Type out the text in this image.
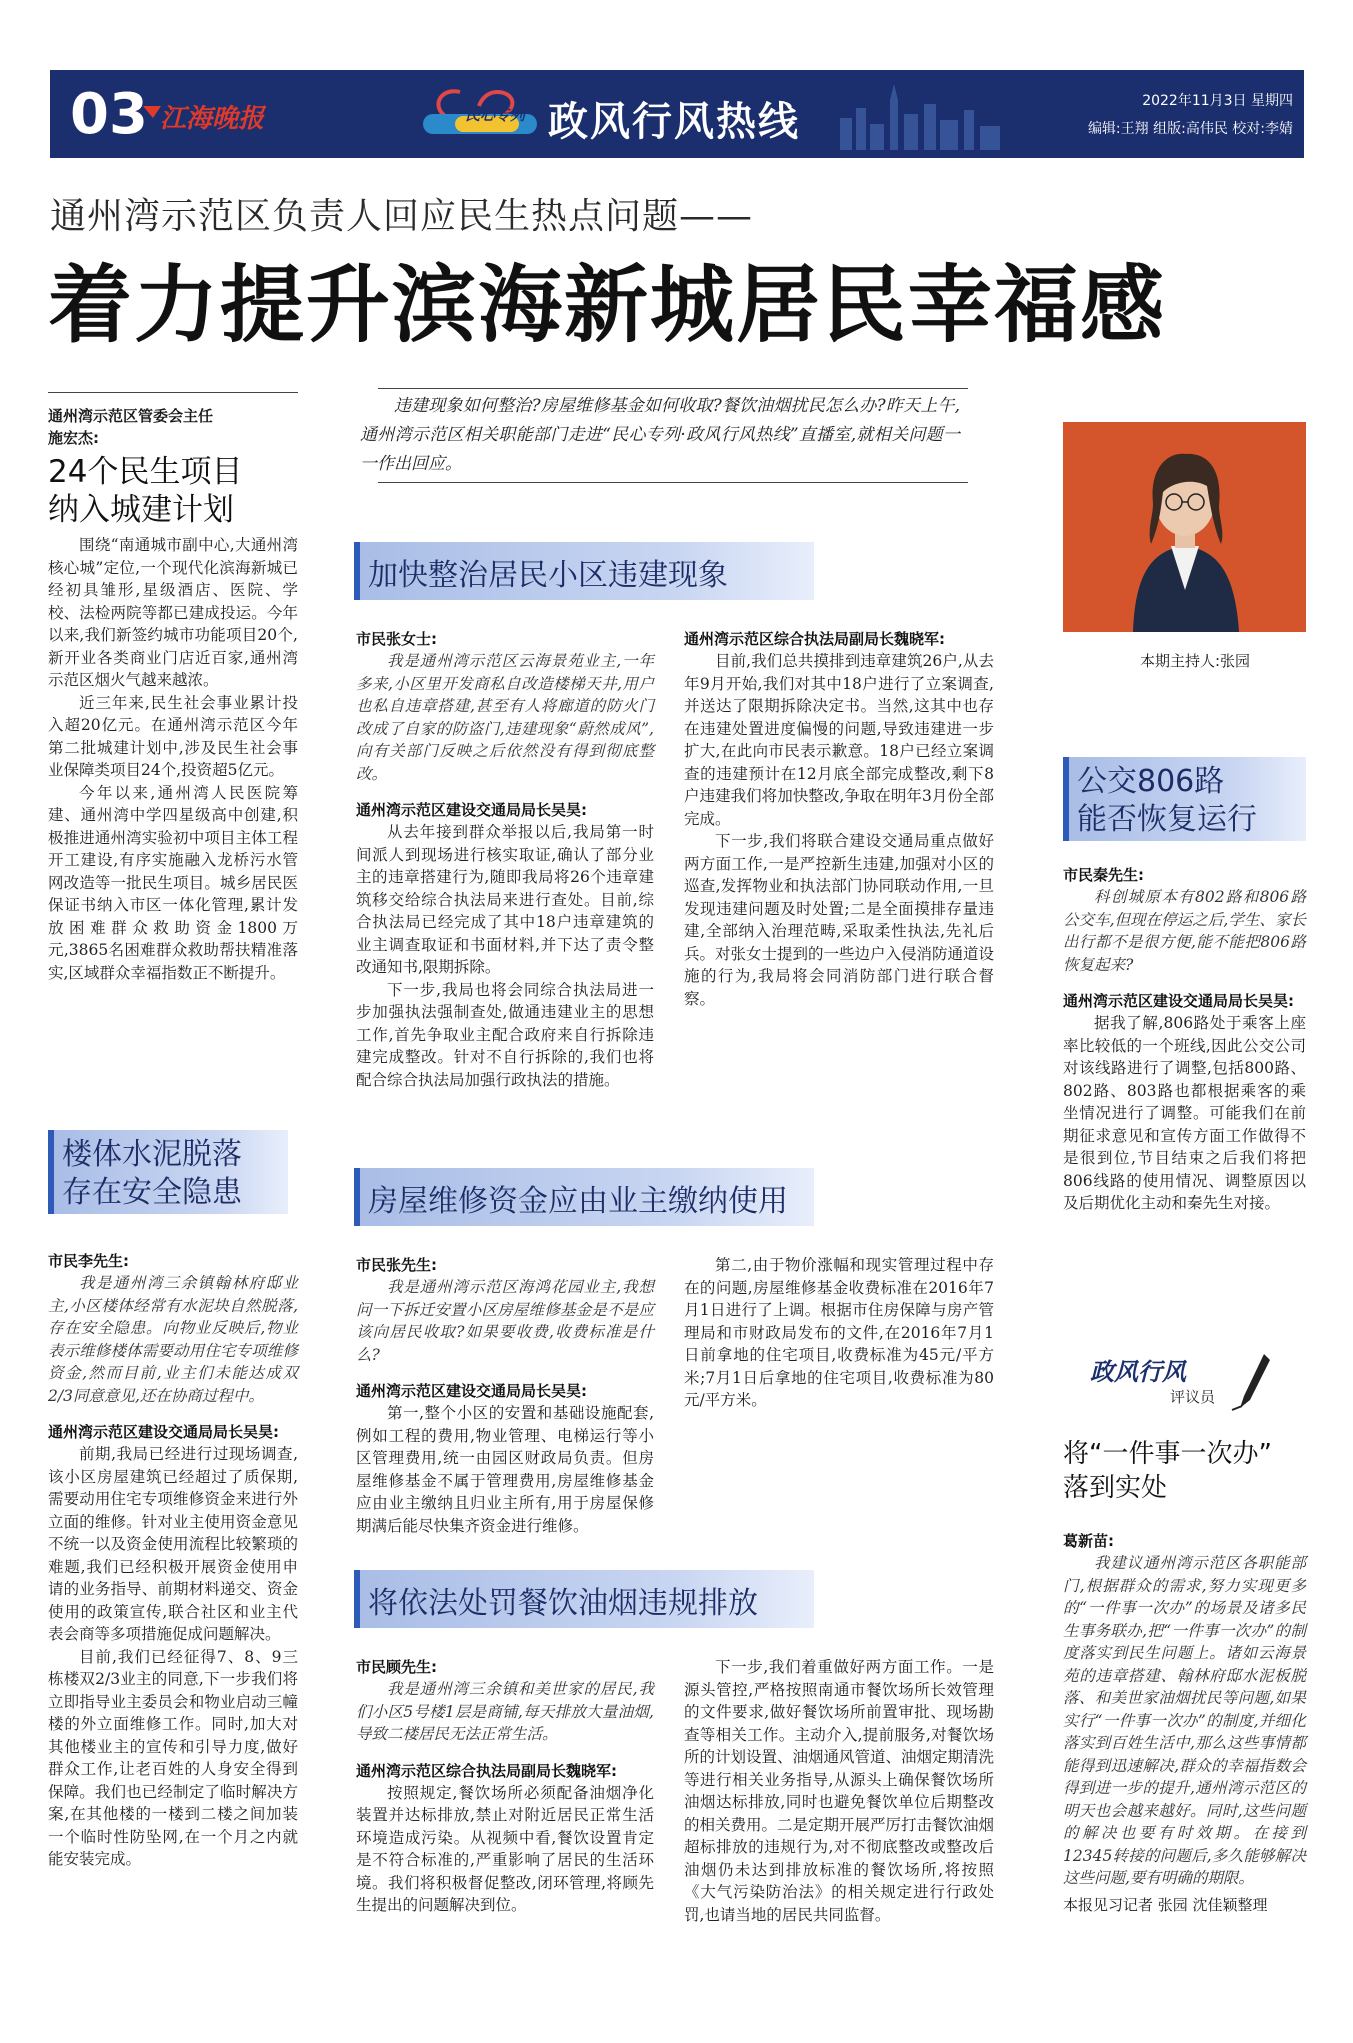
03 江海晚报	民心专列 政风行风热线	2022年11月3日 星期四
编辑:王翔 组版:高伟民 校对:李婧
通州湾示范区负责人回应民生热点问题——
着力提升滨海新城居民幸福感
通州湾示范区管委会主任
施宏杰:
24个民生项目
纳入城建计划

围绕“南通城市副中心,大通州湾核心城”定位,一个现代化滨海新城已经初具雏形,星级酒店、医院、学校、法检两院等都已建成投运。今年以来,我们新签约城市功能项目20个,新开业各类商业门店近百家,通州湾示范区烟火气越来越浓。

近三年来,民生社会事业累计投入超20亿元。在通州湾示范区今年第二批城建计划中,涉及民生社会事业保障类项目24个,投资超5亿元。

今年以来,通州湾人民医院筹建、通州湾中学四星级高中创建,积极推进通州湾实验初中项目主体工程开工建设,有序实施融入龙桥污水管网改造等一批民生项目。城乡居民医保证书纳入市区一体化管理,累计发放困难群众救助资金1800万元,3865名困难群众救助帮扶精准落实,区域群众幸福指数正不断提升。

楼体水泥脱落
存在安全隐患
市民李先生:
我是通州湾三余镇翰林府邸业主,小区楼体经常有水泥块自然脱落,存在安全隐患。向物业反映后,物业表示维修楼体需要动用住宅专项维修资金,然而目前,业主们未能达成双2/3同意意见,还在协商过程中。
通州湾示范区建设交通局局长吴昊:

前期,我局已经进行过现场调查,该小区房屋建筑已经超过了质保期,需要动用住宅专项维修资金来进行外立面的维修。针对业主使用资金意见不统一以及资金使用流程比较繁琐的难题,我们已经积极开展资金使用申请的业务指导、前期材料递交、资金使用的政策宣传,联合社区和业主代表会商等多项措施促成问题解决。

目前,我们已经征得7、8、9三栋楼双2/3业主的同意,下一步我们将立即指导业主委员会和物业启动三幢楼的外立面维修工作。同时,加大对其他楼业主的宣传和引导力度,做好群众工作,让老百姓的人身安全得到保障。我们也已经制定了临时解决方案,在其他楼的一楼到二楼之间加装一个临时性防坠网,在一个月之内就能安装完成。

违建现象如何整治?房屋维修基金如何收取?餐饮油烟扰民怎么办?昨天上午,通州湾示范区相关职能部门走进“民心专列·政风行风热线”直播室,就相关问题一一作出回应。
加快整治居民小区违建现象
市民张女士:
我是通州湾示范区云海景苑业主,一年多来,小区里开发商私自改造楼梯天井,用户也私自违章搭建,甚至有人将廊道的防火门改成了自家的防盗门,违建现象“蔚然成风”,向有关部门反映之后依然没有得到彻底整改。
通州湾示范区建设交通局局长吴昊:

从去年接到群众举报以后,我局第一时间派人到现场进行核实取证,确认了部分业主的违章搭建行为,随即我局将26个违章建筑移交给综合执法局来进行查处。目前,综合执法局已经完成了其中18户违章建筑的业主调查取证和书面材料,并下达了责令整改通知书,限期拆除。

下一步,我局也将会同综合执法局进一步加强执法强制查处,做通违建业主的思想工作,首先争取业主配合政府来自行拆除违建完成整改。针对不自行拆除的,我们也将配合综合执法局加强行政执法的措施。

通州湾示范区综合执法局副局长魏晓军:

目前,我们总共摸排到违章建筑26户,从去年9月开始,我们对其中18户进行了立案调查,并送达了限期拆除决定书。当然,这其中也存在违建处置进度偏慢的问题,导致违建进一步扩大,在此向市民表示歉意。18户已经立案调查的违建预计在12月底全部完成整改,剩下8户违建我们将加快整改,争取在明年3月份全部完成。

下一步,我们将联合建设交通局重点做好两方面工作,一是严控新生违建,加强对小区的巡查,发挥物业和执法部门协同联动作用,一旦发现违建问题及时处置;二是全面摸排存量违建,全部纳入治理范畴,采取柔性执法,先礼后兵。对张女士提到的一些边户入侵消防通道设施的行为,我局将会同消防部门进行联合督察。

房屋维修资金应由业主缴纳使用
市民张先生:
我是通州湾示范区海鸿花园业主,我想问一下拆迁安置小区房屋维修基金是不是应该向居民收取?如果要收费,收费标准是什么?
通州湾示范区建设交通局局长吴昊:

第一,整个小区的安置和基础设施配套,例如工程的费用,物业管理、电梯运行等小区管理费用,统一由园区财政局负责。但房屋维修基金不属于管理费用,房屋维修基金应由业主缴纳且归业主所有,用于房屋保修期满后能尽快集齐资金进行维修。

第二,由于物价涨幅和现实管理过程中存在的问题,房屋维修基金收费标准在2016年7月1日进行了上调。根据市住房保障与房产管理局和市财政局发布的文件,在2016年7月1日前拿地的住宅项目,收费标准为45元/平方米;7月1日后拿地的住宅项目,收费标准为80元/平方米。

将依法处罚餐饮油烟违规排放
市民顾先生:
我是通州湾三余镇和美世家的居民,我们小区5号楼1层是商铺,每天排放大量油烟,导致二楼居民无法正常生活。
通州湾示范区综合执法局副局长魏晓军:

按照规定,餐饮场所必须配备油烟净化装置并达标排放,禁止对附近居民正常生活环境造成污染。从视频中看,餐饮设置肯定是不符合标准的,严重影响了居民的生活环境。我们将积极督促整改,闭环管理,将顾先生提出的问题解决到位。

下一步,我们着重做好两方面工作。一是源头管控,严格按照南通市餐饮场所长效管理的文件要求,做好餐饮场所前置审批、现场勘查等相关工作。主动介入,提前服务,对餐饮场所的计划设置、油烟通风管道、油烟定期清洗等进行相关业务指导,从源头上确保餐饮场所油烟达标排放,同时也避免餐饮单位后期整改的相关费用。二是定期开展严厉打击餐饮油烟超标排放的违规行为,对不彻底整改或整改后油烟仍未达到排放标准的餐饮场所,将按照《大气污染防治法》的相关规定进行行政处罚,也请当地的居民共同监督。

本期主持人:张园
公交806路
能否恢复运行
市民秦先生:
科创城原本有802路和806路公交车,但现在停运之后,学生、家长出行都不是很方便,能不能把806路恢复起来?
通州湾示范区建设交通局局长吴昊:

据我了解,806路处于乘客上座率比较低的一个班线,因此公交公司对该线路进行了调整,包括800路、802路、803路也都根据乘客的乘坐情况进行了调整。可能我们在前期征求意见和宣传方面工作做得不是很到位,节目结束之后我们将把806线路的使用情况、调整原因以及后期优化主动和秦先生对接。

政风行风
评议员
将“一件事一次办”
落到实处
葛新苗:
我建议通州湾示范区各职能部门,根据群众的需求,努力实现更多的“一件事一次办”的场景及诸多民生事务联办,把“一件事一次办”的制度落实到民生问题上。诸如云海景苑的违章搭建、翰林府邸水泥板脱落、和美世家油烟扰民等问题,如果实行“一件事一次办”的制度,并细化落实到百姓生活中,那么这些事情都能得到迅速解决,群众的幸福指数会得到进一步的提升,通州湾示范区的明天也会越来越好。同时,这些问题的解决也要有时效期。在接到12345转接的问题后,多久能够解决这些问题,要有明确的期限。
本报见习记者 张园 沈佳颖整理
